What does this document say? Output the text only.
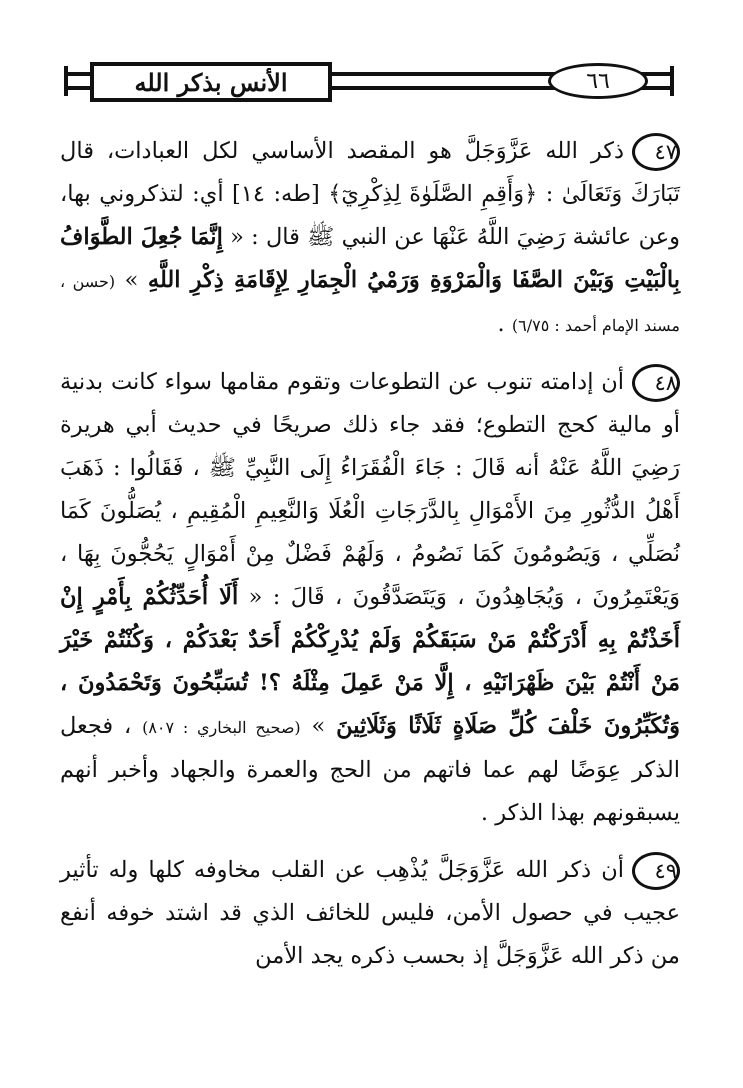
الأنس بذكر الله	٦٦

٤٧ذكر الله عَزَّوَجَلَّ هو المقصد الأساسي لكل العبادات، قال تَبَارَكَ وَتَعَالَىٰ : ﴿وَأَقِمِ الصَّلَوٰةَ لِذِكْرِيٓ﴾ [طه: ١٤] أي: لتذكروني بها، وعن عائشة رَضِيَ اللَّهُ عَنْهَا عن النبي ﷺ قال : « إِنَّمَا جُعِلَ الطَّوَافُ بِالْبَيْتِ وَبَيْنَ الصَّفَا وَالْمَرْوَةِ وَرَمْيُ الْجِمَارِ لِإِقَامَةِ ذِكْرِ اللَّهِ » (حسن ، مسند الإمام أحمد : ٦/٧٥) .

٤٨أن إدامته تنوب عن التطوعات وتقوم مقامها سواء كانت بدنية أو مالية كحج التطوع؛ فقد جاء ذلك صريحًا في حديث أبي هريرة رَضِيَ اللَّهُ عَنْهُ أنه قَالَ : جَاءَ الْفُقَرَاءُ إِلَى النَّبِيِّ ﷺ ، فَقَالُوا : ذَهَبَ أَهْلُ الدُّثُورِ مِنَ الأَمْوَالِ بِالدَّرَجَاتِ الْعُلَا وَالنَّعِيمِ الْمُقِيمِ ، يُصَلُّونَ كَمَا نُصَلِّي ، وَيَصُومُونَ كَمَا نَصُومُ ، وَلَهُمْ فَضْلٌ مِنْ أَمْوَالٍ يَحُجُّونَ بِهَا ، وَيَعْتَمِرُونَ ، وَيُجَاهِدُونَ ، وَيَتَصَدَّقُونَ ، قَالَ : « أَلَا أُحَدِّثُكُمْ بِأَمْرٍ إِنْ أَخَذْتُمْ بِهِ أَدْرَكْتُمْ مَنْ سَبَقَكُمْ وَلَمْ يُدْرِكْكُمْ أَحَدٌ بَعْدَكُمْ ، وَكُنْتُمْ خَيْرَ مَنْ أَنْتُمْ بَيْنَ ظَهْرَانَيْهِ ، إِلَّا مَنْ عَمِلَ مِثْلَهُ ؟! تُسَبِّحُونَ وَتَحْمَدُونَ ، وَتُكَبِّرُونَ خَلْفَ كُلِّ صَلَاةٍ ثَلَاثًا وَثَلَاثِينَ » (صحيح البخاري : ٨٠٧) ، فجعل الذكر عِوَضًا لهم عما فاتهم من الحج والعمرة والجهاد وأخبر أنهم يسبقونهم بهذا الذكر .

٤٩أن ذكر الله عَزَّوَجَلَّ يُذْهِب عن القلب مخاوفه كلها وله تأثير عجيب في حصول الأمن، فليس للخائف الذي قد اشتد خوفه أنفع من ذكر الله عَزَّوَجَلَّ إذ بحسب ذكره يجد الأمن
